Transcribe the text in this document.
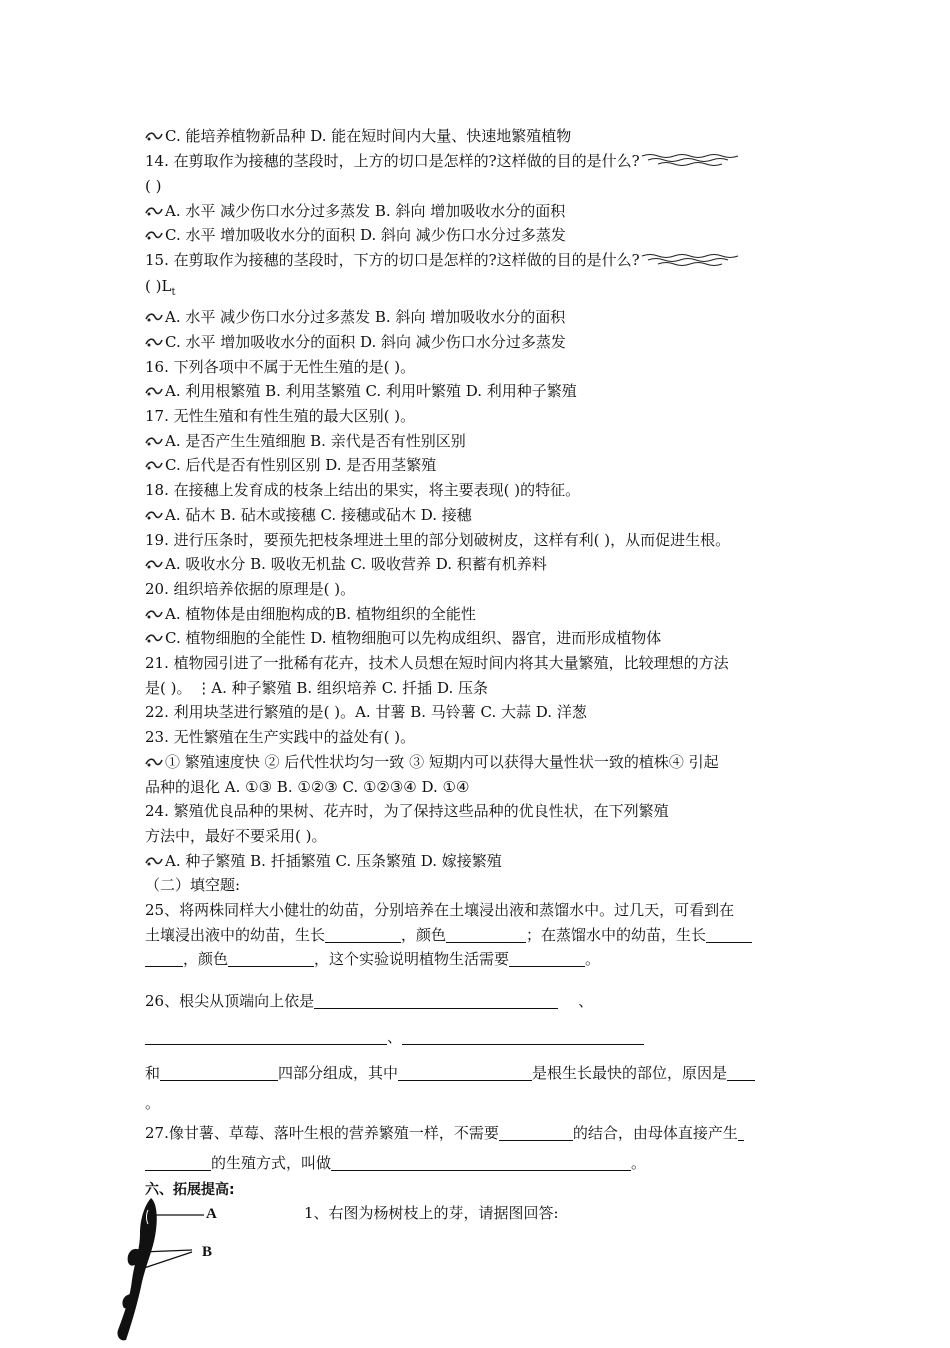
C. 能培养植物新品种 D. 能在短时间内大量、快速地繁殖植物
14. 在剪取作为接穗的茎段时，上方的切口是怎样的?这样做的目的是什么?
( )
A. 水平 减少伤口水分过多蒸发 B. 斜向 增加吸收水分的面积
C. 水平 增加吸收水分的面积 D. 斜向 减少伤口水分过多蒸发
15. 在剪取作为接穗的茎段时，下方的切口是怎样的?这样做的目的是什么?
( )$L_t$
A. 水平 减少伤口水分过多蒸发 B. 斜向 增加吸收水分的面积
C. 水平 增加吸收水分的面积 D. 斜向 减少伤口水分过多蒸发
16. 下列各项中不属于无性生殖的是( )。
A. 利用根繁殖 B. 利用茎繁殖 C. 利用叶繁殖 D. 利用种子繁殖
17. 无性生殖和有性生殖的最大区别( )。
A. 是否产生生殖细胞 B. 亲代是否有性别区别
C. 后代是否有性别区别 D. 是否用茎繁殖
18. 在接穗上发育成的枝条上结出的果实，将主要表现( )的特征。
A. 砧木 B. 砧木或接穗 C. 接穗或砧木 D. 接穗
19. 进行压条时，要预先把枝条埋进土里的部分划破树皮，这样有利( )，从而促进生根。
A. 吸收水分 B. 吸收无机盐 C. 吸收营养 D. 积蓄有机养料
20. 组织培养依据的原理是( )。
A. 植物体是由细胞构成的B. 植物组织的全能性
C. 植物细胞的全能性 D. 植物细胞可以先构成组织、器官，进而形成植物体
21. 植物园引进了一批稀有花卉，技术人员想在短时间内将其大量繁殖，比较理想的方法
是( )。 ⋮A. 种子繁殖 B. 组织培养 C. 扦插 D. 压条
22. 利用块茎进行繁殖的是( )。A. 甘薯 B. 马铃薯 C. 大蒜 D. 洋葱
23. 无性繁殖在生产实践中的益处有( )。
① 繁殖速度快 ② 后代性状均匀一致 ③ 短期内可以获得大量性状一致的植株④ 引起
品种的退化 A. ①③ B. ①②③ C. ①②③④ D. ①④
24. 繁殖优良品种的果树、花卉时，为了保持这些品种的优良性状，在下列繁殖
方法中，最好不要采用( )。
A. 种子繁殖 B. 扦插繁殖 C. 压条繁殖 D. 嫁接繁殖
（二）填空题:
25、将两株同样大小健壮的幼苗，分别培养在土壤浸出液和蒸馏水中。过几天，可看到在
土壤浸出液中的幼苗，生长	，颜色	；在蒸馏水中的幼苗，生长
，颜色	，这个实验说明植物生活需要	。
26、根尖从顶端向上依是	、
、
和	四部分组成，其中	是根生长最快的部位，原因是
。
27.像甘薯、草莓、落叶生根的营养繁殖一样，不需要	的结合，由母体直接产生
的生殖方式，叫做	。
六、拓展提高:
A
B
1、右图为杨树枝上的芽，请据图回答:
